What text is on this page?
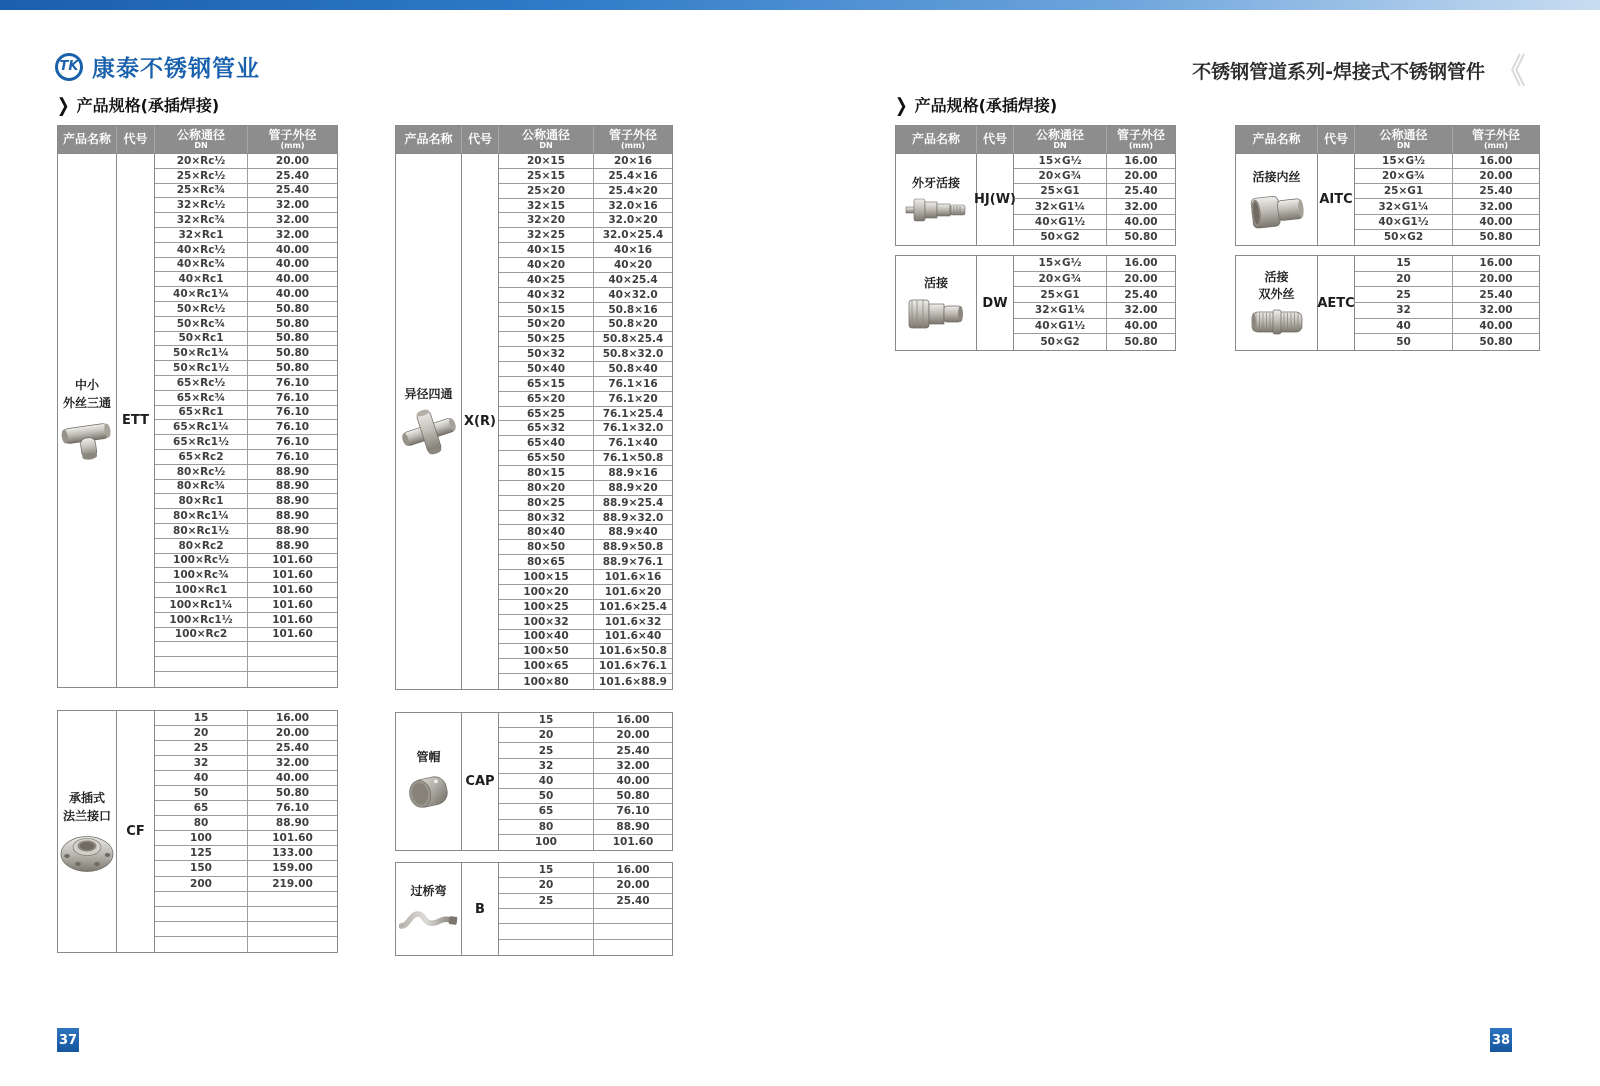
TK 康泰不锈钢管业	不锈钢管道系列-焊接式不锈钢管件 《
❯ 产品规格(承插焊接)	❯ 产品规格(承插焊接)
产品名称 代号 公称通径
DN
管子外径
(mm)
中小
外丝三通
ETT
20×Rc½	20.00
25×Rc½	25.40
25×Rc¾	25.40
32×Rc½	32.00
32×Rc¾	32.00
32×Rc1	32.00
40×Rc½	40.00
40×Rc¾	40.00
40×Rc1	40.00
40×Rc1¼	40.00
50×Rc½	50.80
50×Rc¾	50.80
50×Rc1	50.80
50×Rc1¼	50.80
50×Rc1½	50.80
65×Rc½	76.10
65×Rc¾	76.10
65×Rc1	76.10
65×Rc1¼	76.10
65×Rc1½	76.10
65×Rc2	76.10
80×Rc½	88.90
80×Rc¾	88.90
80×Rc1	88.90
80×Rc1¼	88.90
80×Rc1½	88.90
80×Rc2	88.90
100×Rc½	101.60
100×Rc¾	101.60
100×Rc1	101.60
100×Rc1¼	101.60
100×Rc1½	101.60
100×Rc2	101.60
产品名称 代号 公称通径
DN
管子外径
(mm)
异径四通
X(R)
20×15	20×16
25×15	25.4×16
25×20	25.4×20
32×15	32.0×16
32×20	32.0×20
32×25	32.0×25.4
40×15	40×16
40×20	40×20
40×25	40×25.4
40×32	40×32.0
50×15	50.8×16
50×20	50.8×20
50×25	50.8×25.4
50×32	50.8×32.0
50×40	50.8×40
65×15	76.1×16
65×20	76.1×20
65×25	76.1×25.4
65×32	76.1×32.0
65×40	76.1×40
65×50	76.1×50.8
80×15	88.9×16
80×20	88.9×20
80×25	88.9×25.4
80×32	88.9×32.0
80×40	88.9×40
80×50	88.9×50.8
80×65	88.9×76.1
100×15	101.6×16
100×20	101.6×20
100×25	101.6×25.4
100×32	101.6×32
100×40	101.6×40
100×50	101.6×50.8
100×65	101.6×76.1
100×80	101.6×88.9
产品名称 代号 公称通径
DN
管子外径
(mm)
外牙活接
HJ(W)
15×G½	16.00
20×G¾	20.00
25×G1	25.40
32×G1¼	32.00
40×G1½	40.00
50×G2	50.80
产品名称 代号	公称通径
DN
管子外径
(mm)
活接内丝
AITC
15×G½	16.00
20×G¾	20.00
25×G1	25.40
32×G1¼	32.00
40×G1½	40.00
50×G2	50.80
活接
DW
15×G½	16.00
20×G¾	20.00
25×G1	25.40
32×G1¼	32.00
40×G1½	40.00
50×G2	50.80
活接
双外丝
AETC
15	16.00
20	20.00
25	25.40
32	32.00
40	40.00
50	50.80
承插式
法兰接口
CF
15	16.00
20	20.00
25	25.40
32	32.00
40	40.00
50	50.80
65	76.10
80	88.90
100	101.60
125	133.00
150	159.00
200	219.00
管帽
CAP
15	16.00
20	20.00
25	25.40
32	32.00
40	40.00
50	50.80
65	76.10
80	88.90
100	101.60
过桥弯
B
15	16.00
20	20.00
25	25.40
37	38
